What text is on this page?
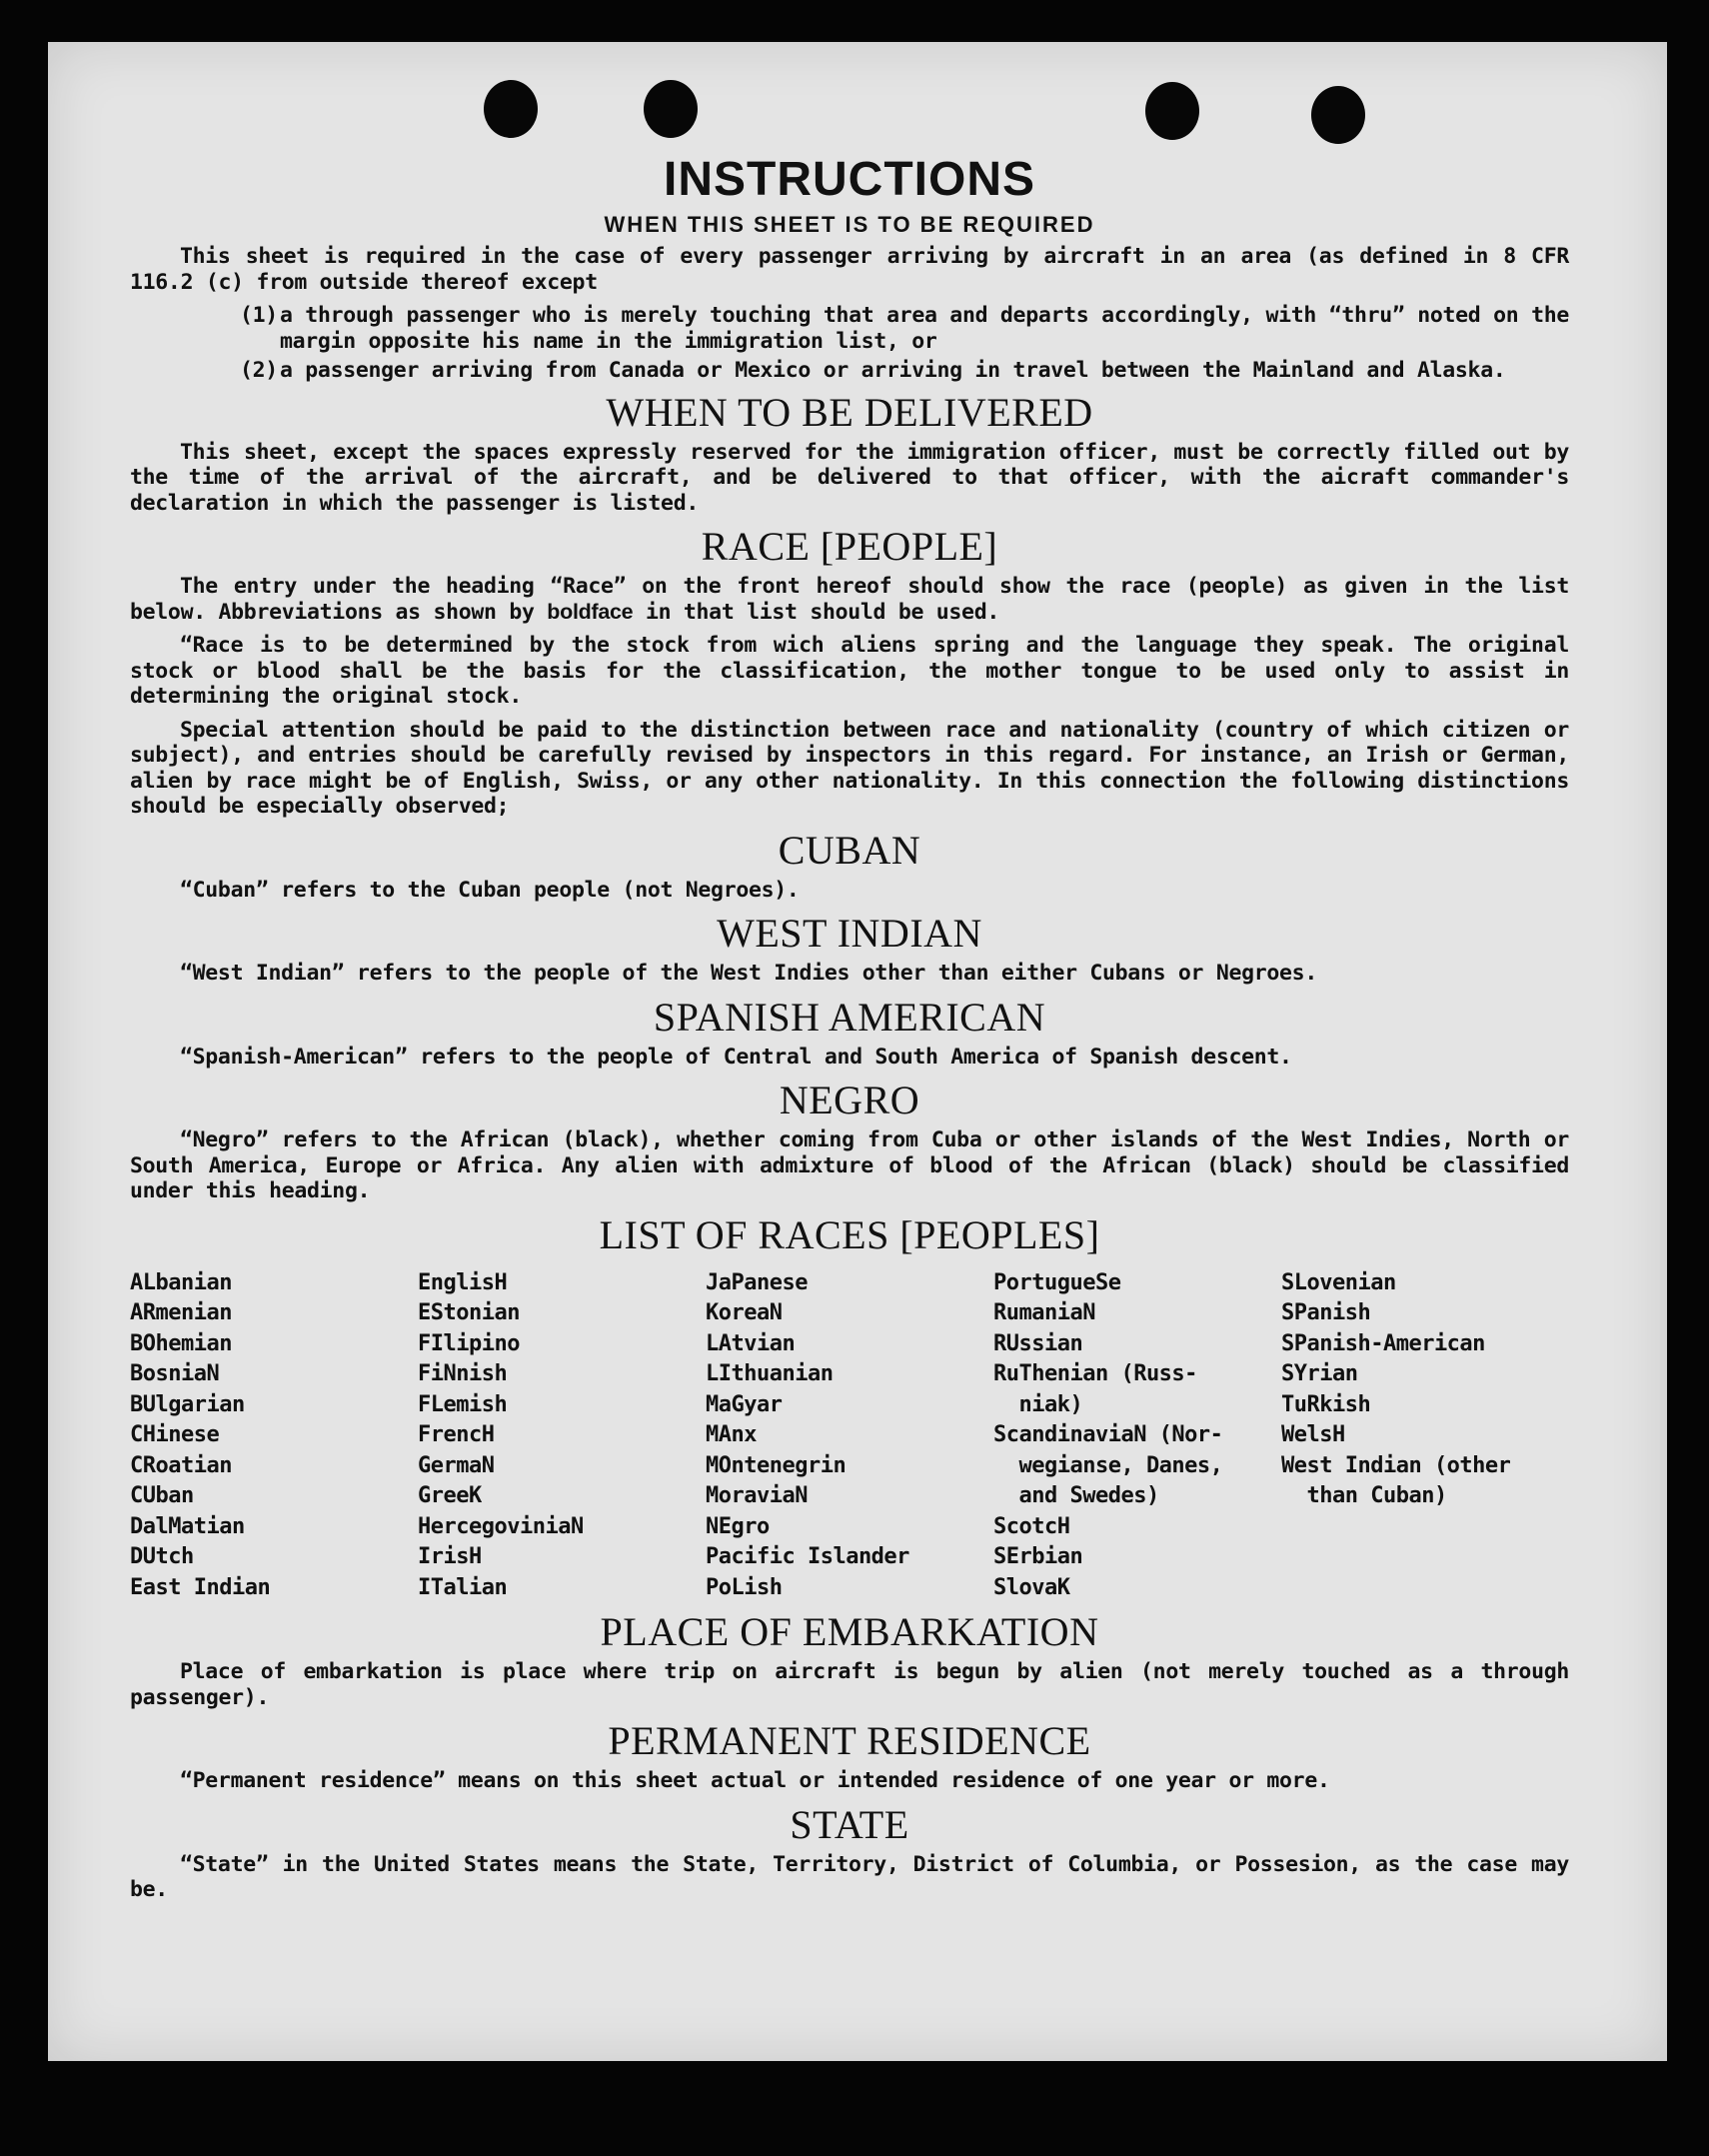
INSTRUCTIONS
WHEN THIS SHEET IS TO BE REQUIRED

This sheet is required in the case of every passenger arriving by aircraft in an area (as defined in 8 CFR 116.2 (c) from outside thereof except

(1) a through passenger who is merely touching that area and departs accordingly, with “thru” noted on the margin opposite his name in the immigration list, or
(2) a passenger arriving from Canada or Mexico or arriving in travel between the Mainland and Alaska.
WHEN TO BE DELIVERED

This sheet, except the spaces expressly reserved for the immigration officer, must be correctly filled out by the time of the arrival of the aircraft, and be delivered to that officer, with the aicraft commander's declaration in which the passenger is listed.

RACE [PEOPLE]

The entry under the heading “Race” on the front hereof should show the race (people) as given in the list below. Abbreviations as shown by boldface in that list should be used.

“Race is to be determined by the stock from wich aliens spring and the language they speak. The original stock or blood shall be the basis for the classification, the mother tongue to be used only to assist in determining the original stock.

Special attention should be paid to the distinction between race and nationality (country of which citizen or subject), and entries should be carefully revised by inspectors in this regard. For instance, an Irish or German, alien by race might be of English, Swiss, or any other nationality. In this connection the following distinctions should be especially observed;

CUBAN

“Cuban” refers to the Cuban people (not Negroes).

WEST INDIAN

“West Indian” refers to the people of the West Indies other than either Cubans or Negroes.

SPANISH AMERICAN

“Spanish-American” refers to the people of Central and South America of Spanish descent.

NEGRO

“Negro” refers to the African (black), whether coming from Cuba or other islands of the West Indies, North or South America, Europe or Africa. Any alien with admixture of blood of the African (black) should be classified under this heading.

LIST OF RACES [PEOPLES]
ALbanian
ARmenian
BOhemian
BosniaN
BUlgarian
CHinese
CRoatian
CUban
DalMatian
DUtch
East Indian
EnglisH
EStonian
FIlipino
FiNnish
FLemish
FrencH
GermaN
GreeK
HercegoviniaN
IrisH
ITalian
JaPanese
KoreaN
LAtvian
LIthuanian
MaGyar
MAnx
MOntenegrin
MoraviaN
NEgro
Pacific Islander
PoLish
PortugueSe
RumaniaN
RUssian
RuThenian (Russ-
niak)
ScandinaviaN (Nor-
wegianse, Danes,
and Swedes)
ScotcH
SErbian
SlovaK
SLovenian
SPanish
SPanish-American
SYrian
TuRkish
WelsH
West Indian (other
than Cuban)
PLACE OF EMBARKATION

Place of embarkation is place where trip on aircraft is begun by alien (not merely touched as a through passenger).

PERMANENT RESIDENCE

“Permanent residence” means on this sheet actual or intended residence of one year or more.

STATE

“State” in the United States means the State, Territory, District of Columbia, or Possesion, as the case may be.
